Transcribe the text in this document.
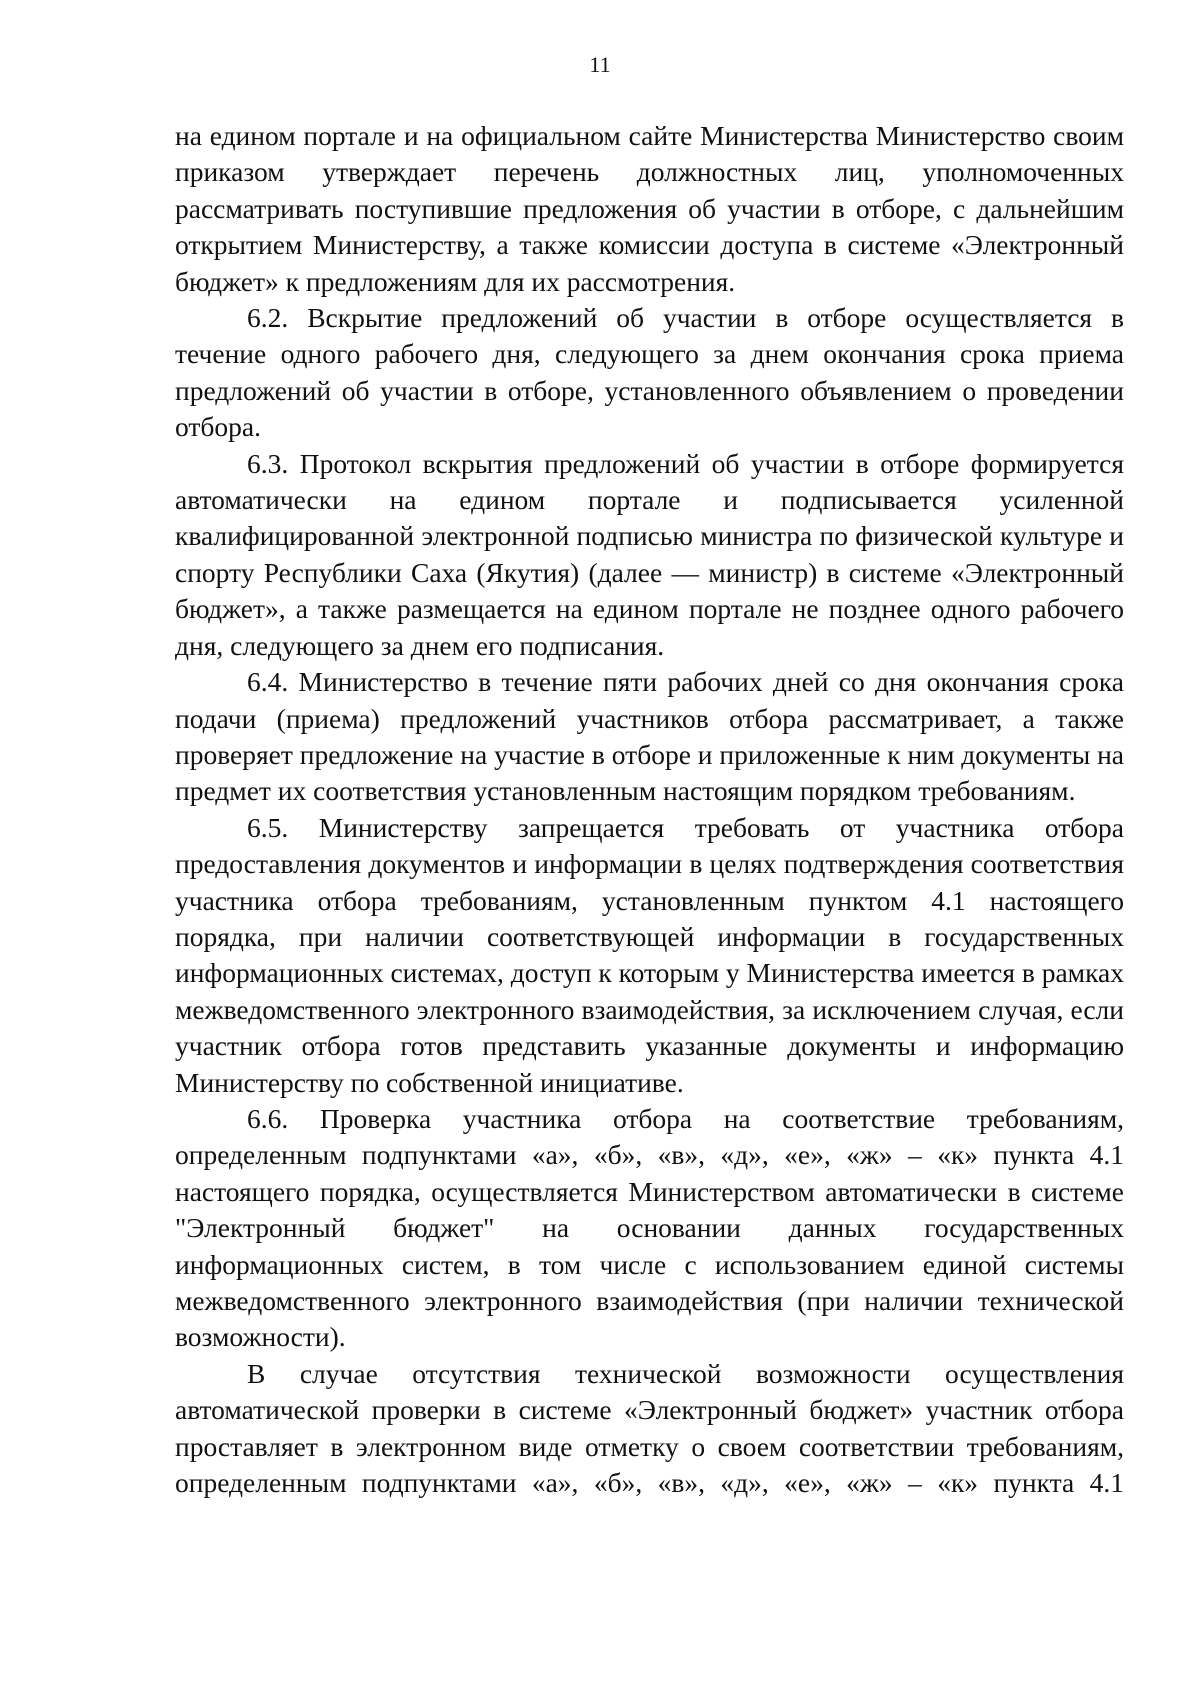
11

на едином портале и на официальном сайте Министерства Министерство своим приказом утверждает перечень должностных лиц, уполномоченных рассматривать поступившие предложения об участии в отборе, с дальнейшим открытием Министерству, а также комиссии доступа в системе «Электронный бюджет» к предложениям для их рассмотрения.

6.2. Вскрытие предложений об участии в отборе осуществляется в течение одного рабочего дня, следующего за днем окончания срока приема предложений об участии в отборе, установленного объявлением о проведении отбора.

6.3. Протокол вскрытия предложений об участии в отборе формируется автоматически на едином портале и подписывается усиленной квалифицированной электронной подписью министра по физической культуре и спорту Республики Саха (Якутия) (далее — министр) в системе «Электронный бюджет», а также размещается на едином портале не позднее одного рабочего дня, следующего за днем его подписания.

6.4. Министерство в течение пяти рабочих дней со дня окончания срока подачи (приема) предложений участников отбора рассматривает, а также проверяет предложение на участие в отборе и приложенные к ним документы на предмет их соответствия установленным настоящим порядком требованиям.

6.5. Министерству запрещается требовать от участника отбора предоставления документов и информации в целях подтверждения соответствия участника отбора требованиям, установленным пунктом 4.1 настоящего порядка, при наличии соответствующей информации в государственных информационных системах, доступ к которым у Министерства имеется в рамках межведомственного электронного взаимодействия, за исключением случая, если участник отбора готов представить указанные документы и информацию Министерству по собственной инициативе.

6.6. Проверка участника отбора на соответствие требованиям, определенным подпунктами «а», «б», «в», «д», «е», «ж» – «к» пункта 4.1 настоящего порядка, осуществляется Министерством автоматически в системе "Электронный бюджет" на основании данных государственных информационных систем, в том числе с использованием единой системы межведомственного электронного взаимодействия (при наличии технической возможности).

В случае отсутствия технической возможности осуществления автоматической проверки в системе «Электронный бюджет» участник отбора проставляет в электронном виде отметку о своем соответствии требованиям, определенным подпунктами «а», «б», «в», «д», «е», «ж» – «к» пункта 4.1
